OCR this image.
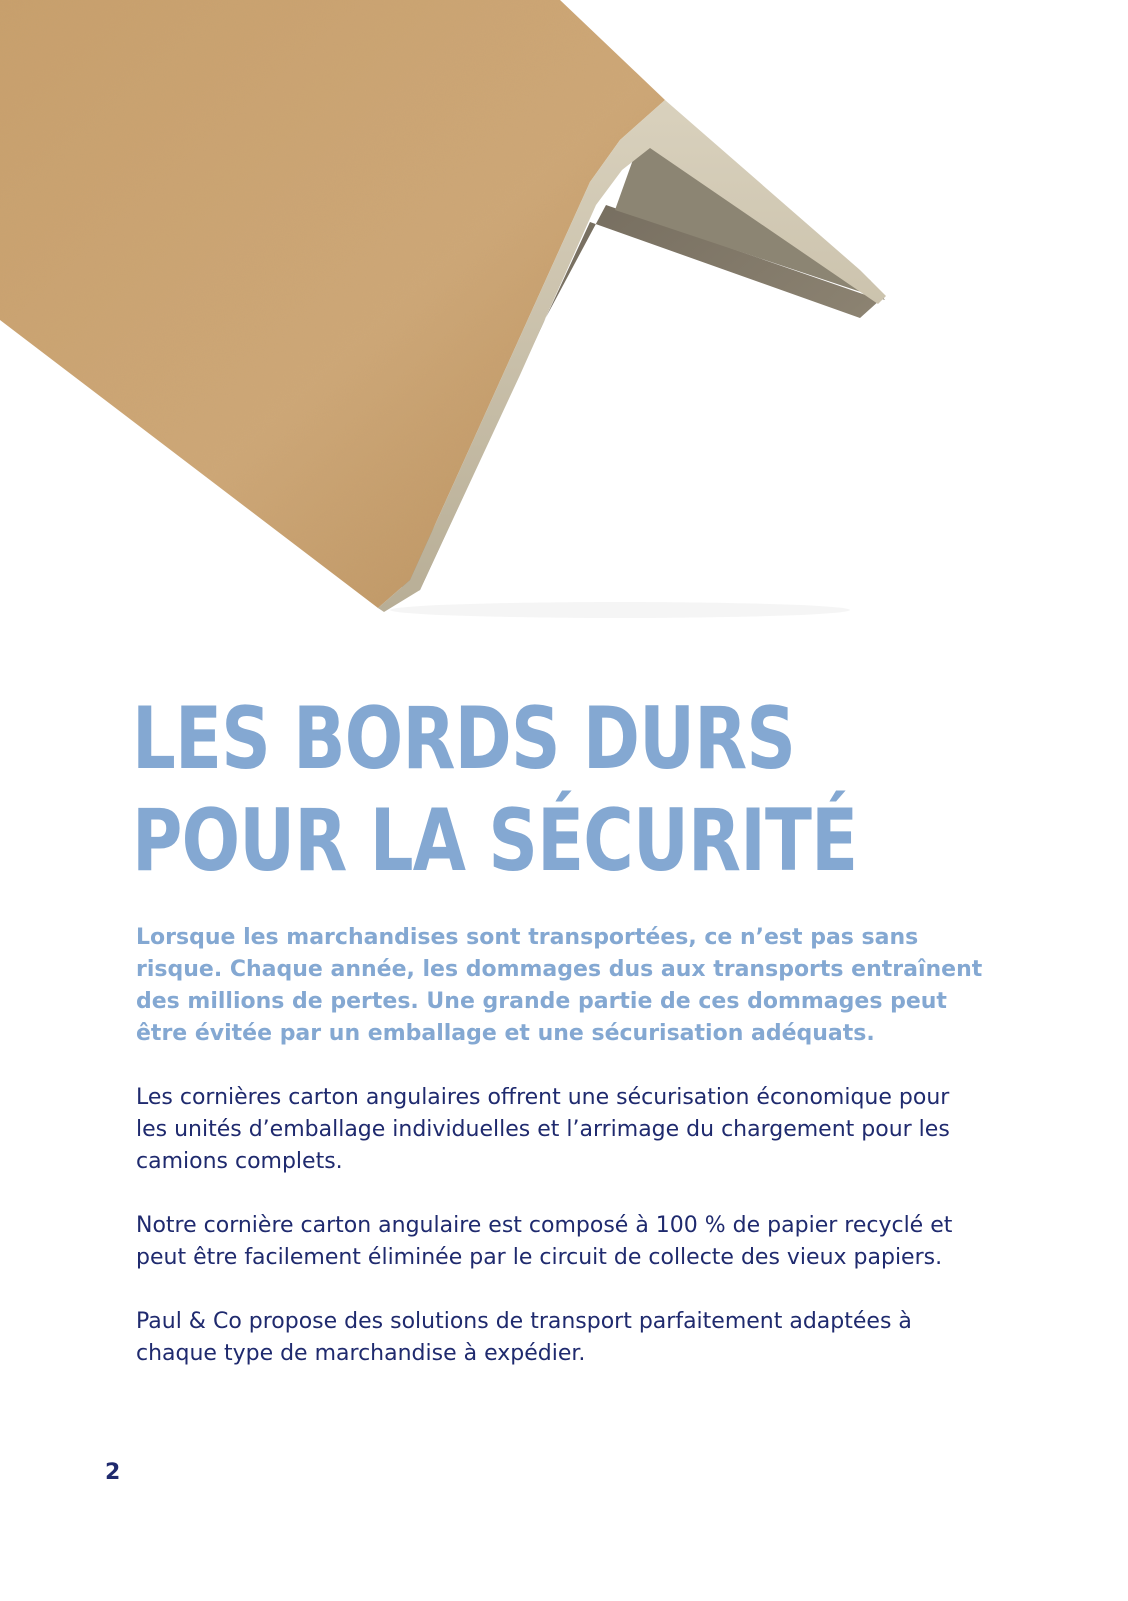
LES BORDS DURS
POUR LA SÉCURITÉ

Lorsque les marchandises sont transportées, ce n’est pas sans risque. Chaque année, les dommages dus aux transports entraînent des millions de pertes. Une grande partie de ces dommages peut être évitée par un emballage et une sécurisation adéquats.

Les cornières carton angulaires offrent une sécurisation économique pour les unités d’emballage individuelles et l’arrimage du chargement pour les camions complets.

Notre cornière carton angulaire est composé à 100 % de papier recyclé et peut être facilement éliminée par le circuit de collecte des vieux papiers.

Paul & Co propose des solutions de transport parfaitement adaptées à chaque type de marchandise à expédier.

2
